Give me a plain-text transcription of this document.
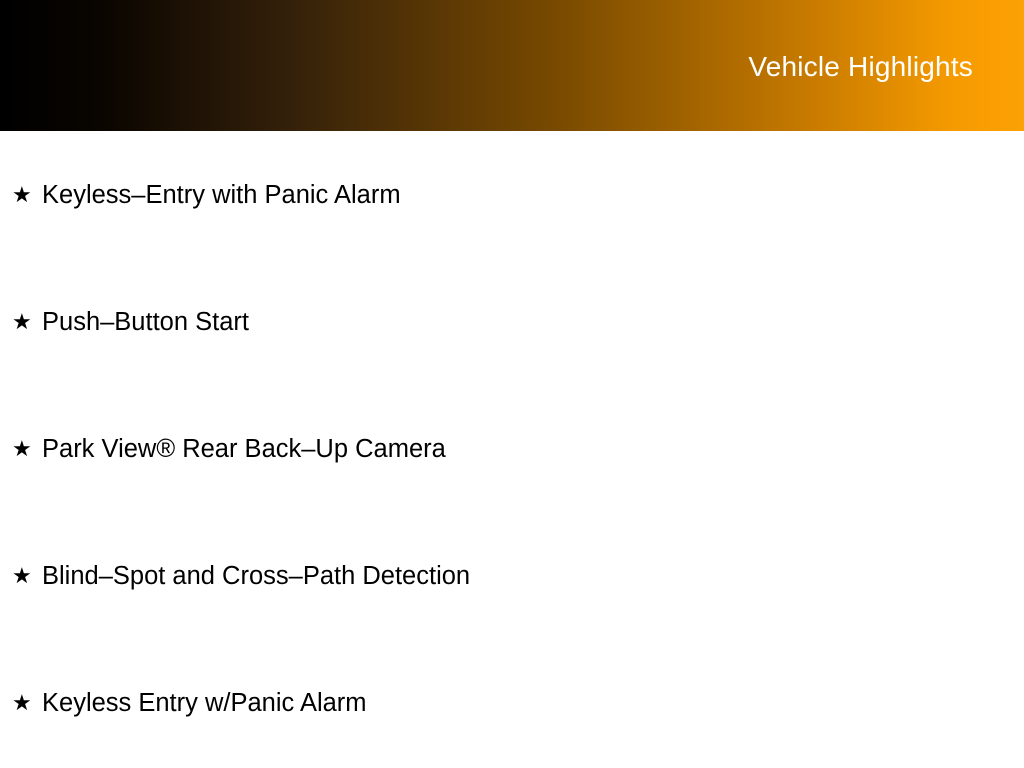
Vehicle Highlights
★ Keyless–Entry with Panic Alarm
★ Push–Button Start
★ Park View® Rear Back–Up Camera
★ Blind–Spot and Cross–Path Detection
★ Keyless Entry w/Panic Alarm
